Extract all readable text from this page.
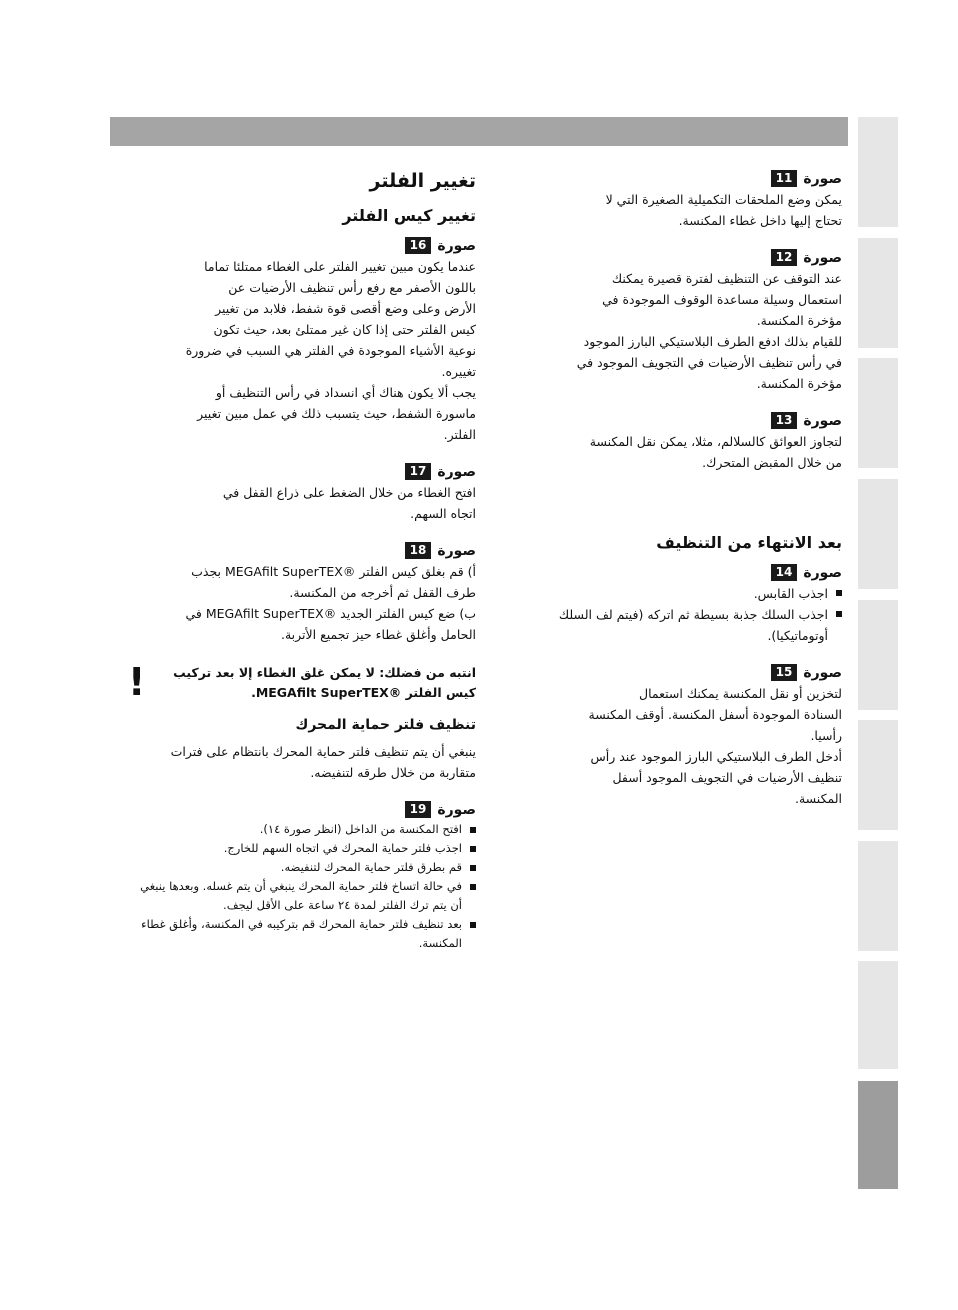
صورة
11

يمكن وضع الملحقات التكميلية الصغيرة التي لا

تحتاج إليها داخل غطاء المكنسة.

صورة
12

عند التوقف عن التنظيف لفترة قصيرة يمكنك

استعمال وسيلة مساعدة الوقوف الموجودة في

مؤخرة المكنسة.

للقيام بذلك ادفع الطرف البلاستيكي البارز الموجود

في رأس تنظيف الأرضيات في التجويف الموجود في

مؤخرة المكنسة.

صورة
13

لتجاوز العوائق كالسلالم، مثلا، يمكن نقل المكنسة

من خلال المقبض المتحرك.

بعد الانتهاء من التنظيف
صورة
14
اجذب القابس.
اجذب السلك جذبة بسيطة ثم اتركه (فيتم لف السلك أوتوماتيكيا).
صورة
15

لتخزين أو نقل المكنسة يمكنك استعمال

السنادة الموجودة أسفل المكنسة. أوقف المكنسة

رأسيا.

أدخل الطرف البلاستيكي البارز الموجود عند رأس

تنظيف الأرضيات في التجويف الموجود أسفل

المكنسة.

تغيير الفلتر
تغيير كيس الفلتر
صورة
16

عندما يكون مبين تغيير الفلتر على الغطاء ممتلئا تماما

باللون الأصفر مع رفع رأس تنظيف الأرضيات عن

الأرض وعلى وضع أقصى قوة شفط، فلابد من تغيير

كيس الفلتر حتى إذا كان غير ممتلئ بعد، حيث تكون

نوعية الأشياء الموجودة في الفلتر هي السبب في ضرورة

تغييره.

يجب ألا يكون هناك أي انسداد في رأس التنظيف أو

ماسورة الشفط، حيث يتسبب ذلك في عمل مبين تغيير

الفلتر.

صورة
17

افتح الغطاء من خلال الضغط على ذراع القفل في

اتجاه السهم.

صورة
18

أ) قم بغلق كيس الفلتر ®MEGAfilt SuperTEX بجذب

طرف القفل ثم أخرجه من المكنسة.

ب) ضع كيس الفلتر الجديد ®MEGAfilt SuperTEX في

الحامل وأغلق غطاء حيز تجميع الأتربة.

انتبه من فضلك: لا يمكن غلق الغطاء إلا بعد تركيب كيس الفلتر ®MEGAfilt SuperTEX.
!
تنظيف فلتر حماية المحرك

ينبغي أن يتم تنظيف فلتر حماية المحرك بانتظام على فترات

متقاربة من خلال طرقه لتنفيضه.

صورة
19
افتح المكنسة من الداخل (انظر صورة ١٤).
اجذب فلتر حماية المحرك في اتجاه السهم للخارج.
قم بطرق فلتر حماية المحرك لتنفيضه.
في حالة اتساخ فلتر حماية المحرك ينبغي أن يتم غسله. وبعدها ينبغي أن يتم ترك الفلتر لمدة ٢٤ ساعة على الأقل ليجف.
بعد تنظيف فلتر حماية المحرك قم بتركيبه في المكنسة، وأغلق غطاء المكنسة.
